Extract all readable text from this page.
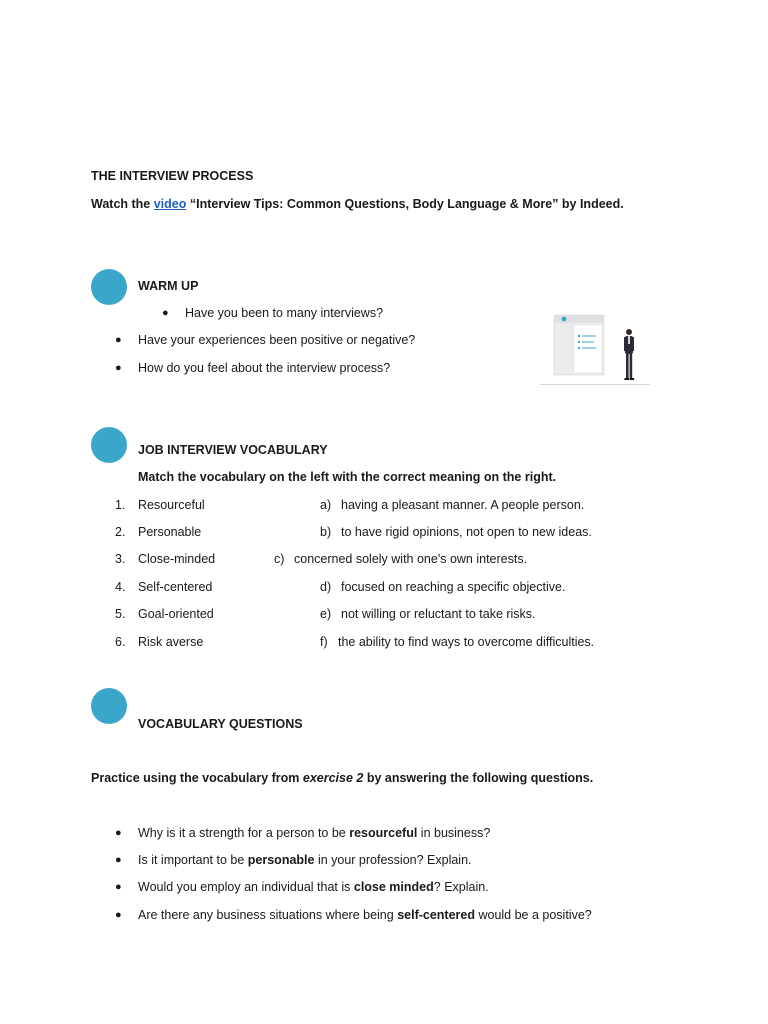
THE INTERVIEW PROCESS
Watch the video “Interview Tips: Common Questions, Body Language & More” by Indeed.
WARM UP
● Have you been to many interviews?
● Have your experiences been positive or negative?
● How do you feel about the interview process?
JOB INTERVIEW VOCABULARY
Match the vocabulary on the left with the correct meaning on the right.
1. Resourceful
2. Personable
3. Close-minded
4. Self-centered
5. Goal-oriented
6. Risk averse
a) having a pleasant manner. A people person.
b) to have rigid opinions, not open to new ideas.
c) concerned solely with one's own interests.
d) focused on reaching a specific objective.
e) not willing or reluctant to take risks.
f) the ability to find ways to overcome difficulties.
VOCABULARY QUESTIONS
Practice using the vocabulary from exercise 2 by answering the following questions.
● Why is it a strength for a person to be resourceful in business?
● Is it important to be personable in your profession? Explain.
● Would you employ an individual that is close minded? Explain.
● Are there any business situations where being self-centered would be a positive?
